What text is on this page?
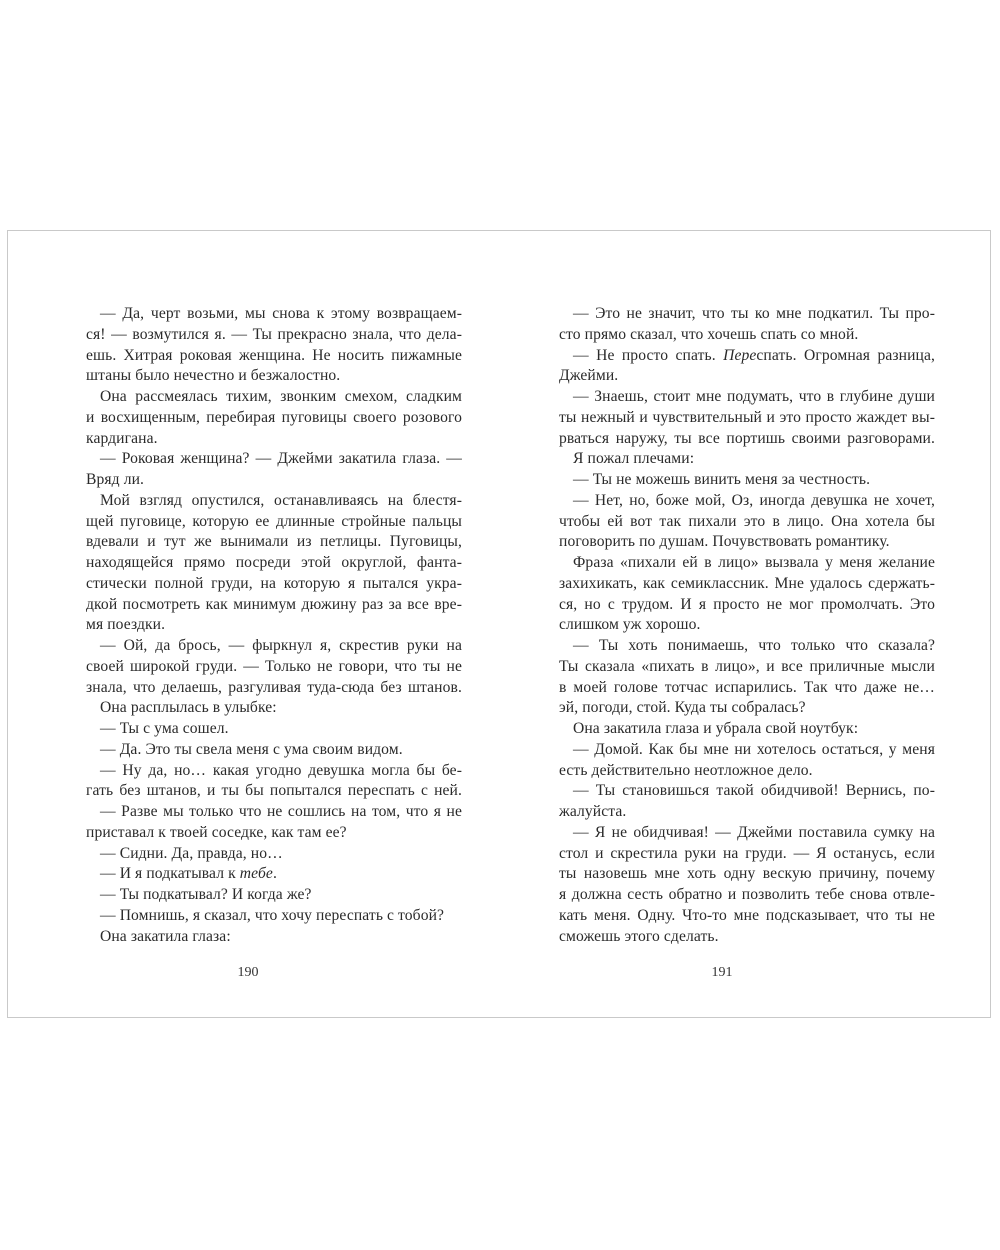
— Да, черт возьми, мы снова к этому возвращаем-
ся! — возмутился я. — Ты прекрасно знала, что дела-
ешь. Хитрая роковая женщина. Не носить пижамные
штаны было нечестно и безжалостно.
Она рассмеялась тихим, звонким смехом, сладким
и восхищенным, перебирая пуговицы своего розового
кардигана.
— Роковая женщина? — Джейми закатила глаза. —
Вряд ли.
Мой взгляд опустился, останавливаясь на блестя-
щей пуговице, которую ее длинные стройные пальцы
вдевали и тут же вынимали из петлицы. Пуговицы,
находящейся прямо посреди этой округлой, фанта-
стически полной груди, на которую я пытался укра-
дкой посмотреть как минимум дюжину раз за все вре-
мя поездки.
— Ой, да брось, — фыркнул я, скрестив руки на
своей широкой груди. — Только не говори, что ты не
знала, что делаешь, разгуливая туда-сюда без штанов.
Она расплылась в улыбке:
— Ты с ума сошел.
— Да. Это ты свела меня с ума своим видом.
— Ну да, но… какая угодно девушка могла бы бе-
гать без штанов, и ты бы попытался переспать с ней.
— Разве мы только что не сошлись на том, что я не
приставал к твоей соседке, как там ее?
— Сидни. Да, правда, но…
— И я подкатывал к тебе.
— Ты подкатывал? И когда же?
— Помнишь, я сказал, что хочу переспать с тобой?
Она закатила глаза:
190
— Это не значит, что ты ко мне подкатил. Ты про-
сто прямо сказал, что хочешь спать со мной.
— Не просто спать. Переспать. Огромная разница,
Джейми.
— Знаешь, стоит мне подумать, что в глубине души
ты нежный и чувствительный и это просто жаждет вы-
рваться наружу, ты все портишь своими разговорами.
Я пожал плечами:
— Ты не можешь винить меня за честность.
— Нет, но, боже мой, Оз, иногда девушка не хочет,
чтобы ей вот так пихали это в лицо. Она хотела бы
поговорить по душам. Почувствовать романтику.
Фраза «пихали ей в лицо» вызвала у меня желание
захихикать, как семиклассник. Мне удалось сдержать-
ся, но с трудом. И я просто не мог промолчать. Это
слишком уж хорошо.
— Ты хоть понимаешь, что только что сказала?
Ты сказала «пихать в лицо», и все приличные мысли
в моей голове тотчас испарились. Так что даже не…
эй, погоди, стой. Куда ты собралась?
Она закатила глаза и убрала свой ноутбук:
— Домой. Как бы мне ни хотелось остаться, у меня
есть действительно неотложное дело.
— Ты становишься такой обидчивой! Вернись, по-
жалуйста.
— Я не обидчивая! — Джейми поставила сумку на
стол и скрестила руки на груди. — Я останусь, если
ты назовешь мне хоть одну вескую причину, почему
я должна сесть обратно и позволить тебе снова отвле-
кать меня. Одну. Что-то мне подсказывает, что ты не
сможешь этого сделать.
191
